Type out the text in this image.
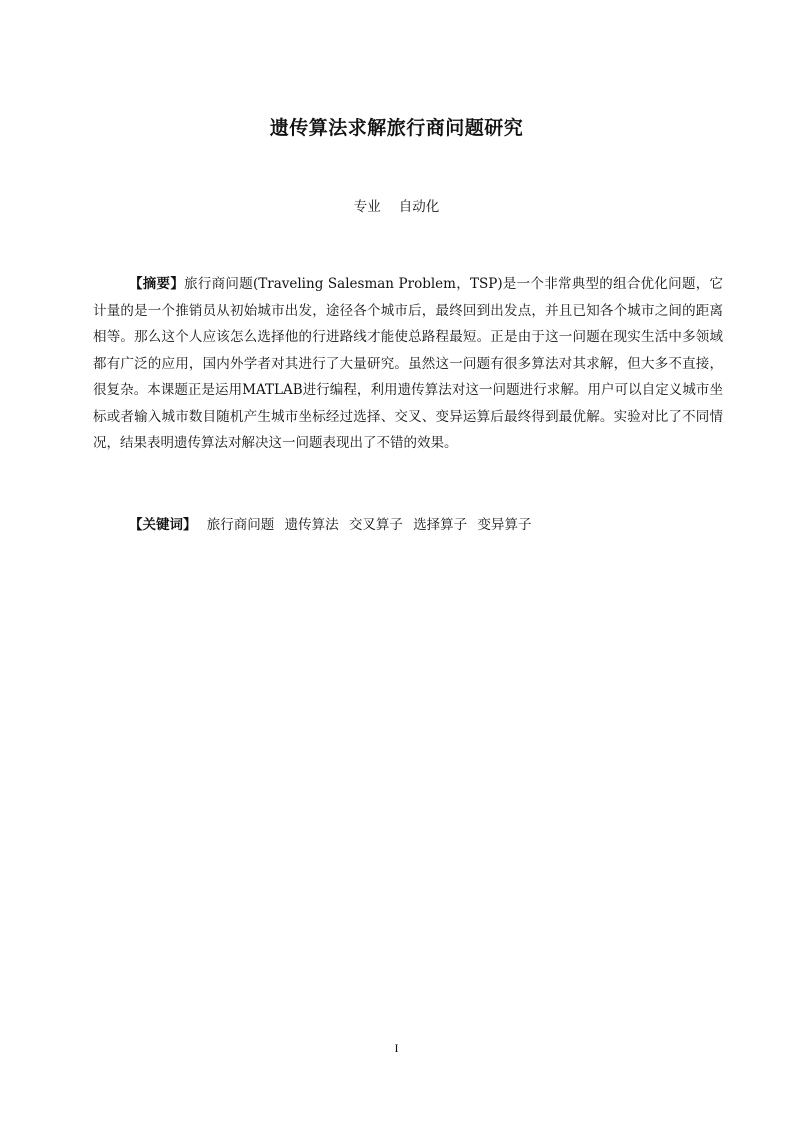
遗传算法求解旅行商问题研究
专业 自动化

【摘要】旅行商问题(Traveling Salesman Problem，TSP)是一个非常典型的组合优化问题，它计量的是一个推销员从初始城市出发，途径各个城市后，最终回到出发点，并且已知各个城市之间的距离相等。那么这个人应该怎么选择他的行进路线才能使总路程最短。正是由于这一问题在现实生活中多领域都有广泛的应用，国内外学者对其进行了大量研究。虽然这一问题有很多算法对其求解，但大多不直接，很复杂。本课题正是运用MATLAB进行编程，利用遗传算法对这一问题进行求解。用户可以自定义城市坐标或者输入城市数目随机产生城市坐标经过选择、交叉、变异运算后最终得到最优解。实验对比了不同情况，结果表明遗传算法对解决这一问题表现出了不错的效果。

【关键词】 旅行商问题 遗传算法 交叉算子 选择算子 变异算子
I
